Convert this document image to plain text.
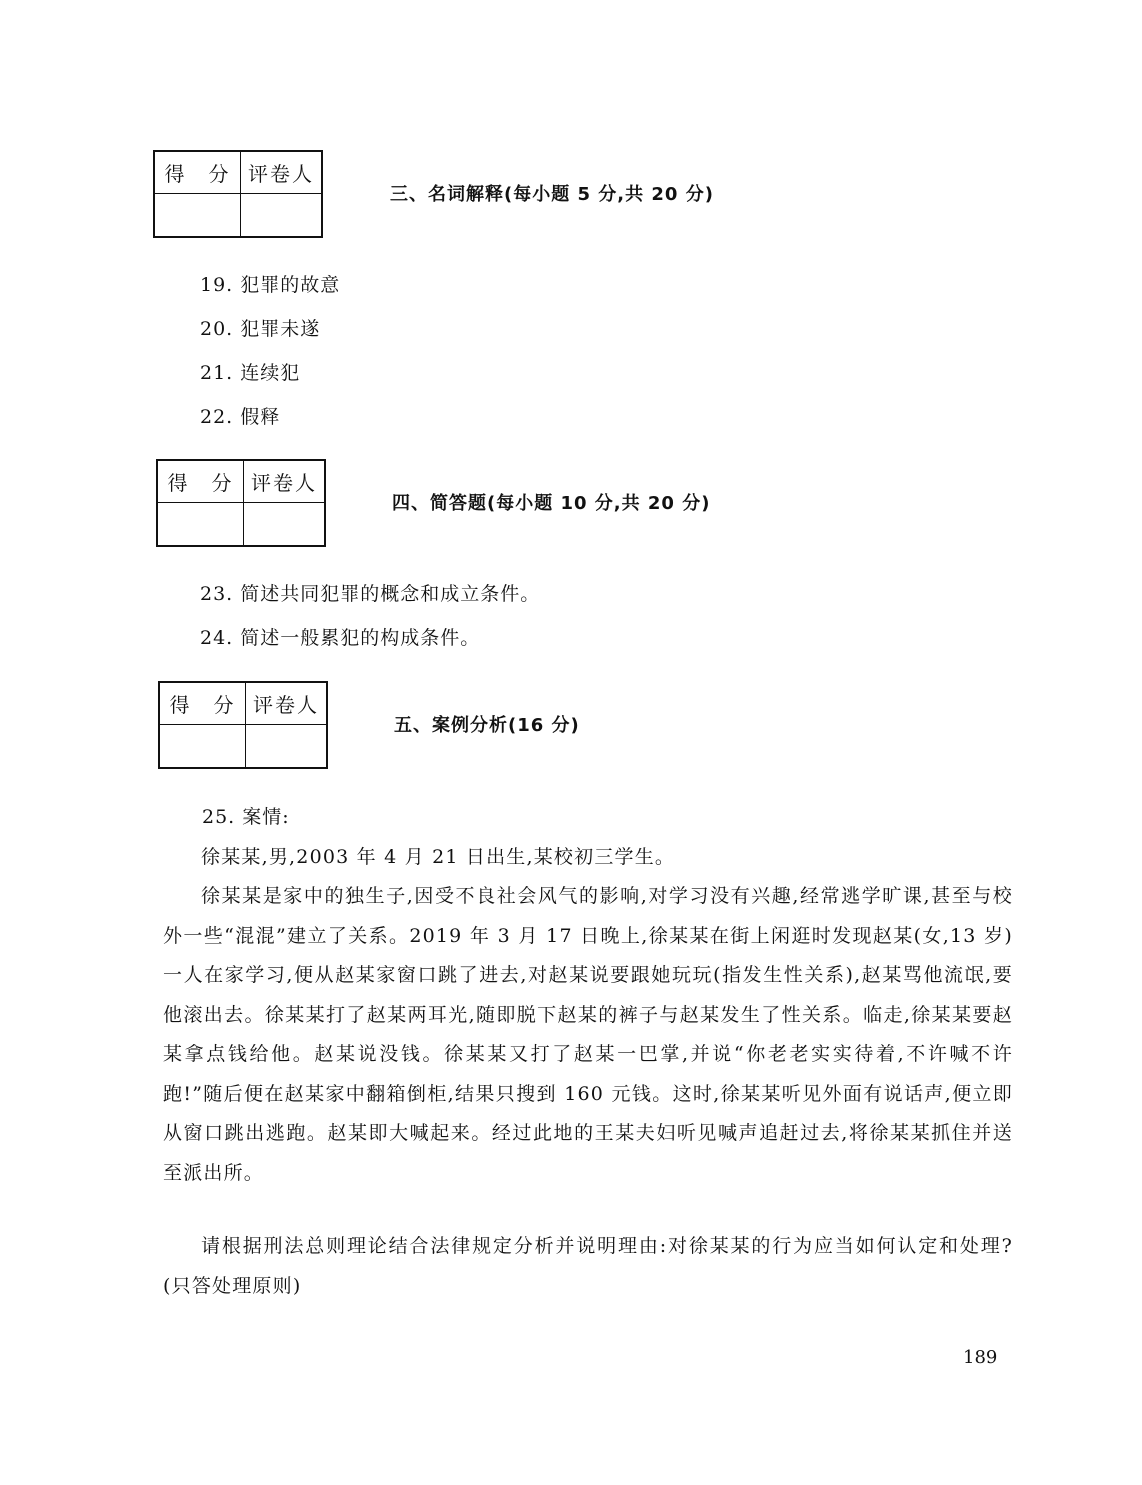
得　分 评卷人
三、名词解释(每小题 5 分,共 20 分)
19. 犯罪的故意
20. 犯罪未遂
21. 连续犯
22. 假释
得　分 评卷人
四、简答题(每小题 10 分,共 20 分)
23. 简述共同犯罪的概念和成立条件。
24. 简述一般累犯的构成条件。
得　分 评卷人
五、案例分析(16 分)
25. 案情:
徐某某,男,2003 年 4 月 21 日出生,某校初三学生。
徐某某是家中的独生子,因受不良社会风气的影响,对学习没有兴趣,经常逃学旷课,甚至与校外一些“混混”建立了关系。2019 年 3 月 17 日晚上,徐某某在街上闲逛时发现赵某(女,13 岁)一人在家学习,便从赵某家窗口跳了进去,对赵某说要跟她玩玩(指发生性关系),赵某骂他流氓,要他滚出去。徐某某打了赵某两耳光,随即脱下赵某的裤子与赵某发生了性关系。临走,徐某某要赵某拿点钱给他。赵某说没钱。徐某某又打了赵某一巴掌,并说“你老老实实待着,不许喊不许跑!”随后便在赵某家中翻箱倒柜,结果只搜到 160 元钱。这时,徐某某听见外面有说话声,便立即从窗口跳出逃跑。赵某即大喊起来。经过此地的王某夫妇听见喊声追赶过去,将徐某某抓住并送至派出所。
请根据刑法总则理论结合法律规定分析并说明理由:对徐某某的行为应当如何认定和处理?(只答处理原则)
189
